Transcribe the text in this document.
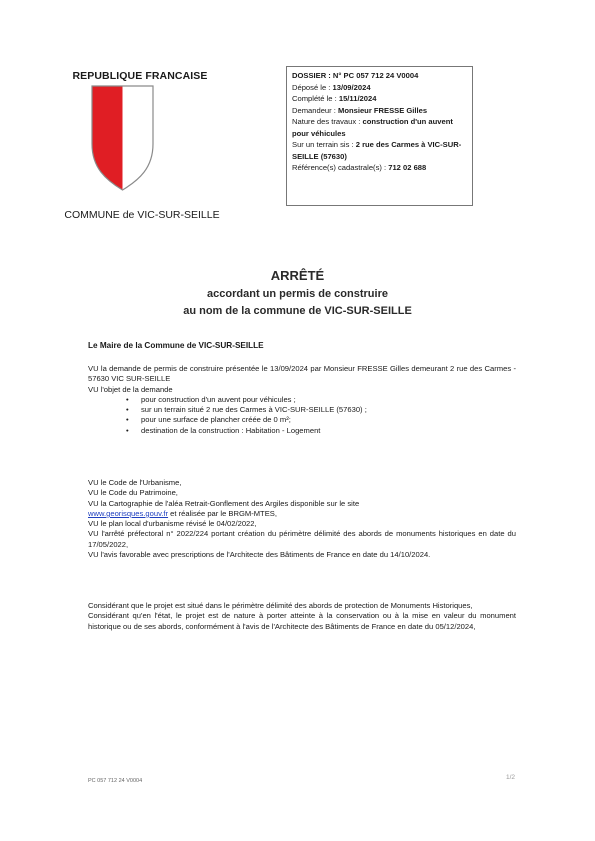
REPUBLIQUE FRANCAISE
COMMUNE de VIC-SUR-SEILLE
DOSSIER : N° PC 057 712 24 V0004
Déposé le : 13/09/2024
Complété le : 15/11/2024
Demandeur : Monsieur FRESSE Gilles
Nature des travaux : construction d'un auvent pour véhicules
Sur un terrain sis : 2 rue des Carmes à VIC-SUR-SEILLE (57630)
Référence(s) cadastrale(s) : 712 02 688
ARRÊTÉ
accordant un permis de construire
au nom de la commune de VIC-SUR-SEILLE
Le Maire de la Commune de VIC-SUR-SEILLE

VU la demande de permis de construire présentée le 13/09/2024 par Monsieur FRESSE Gilles demeurant 2 rue des Carmes - 57630 VIC SUR-SEILLE

VU l'objet de la demande

• pour construction d'un auvent pour véhicules ;
• sur un terrain situé 2 rue des Carmes à VIC-SUR-SEILLE (57630) ;
• pour une surface de plancher créée de 0 m²;
• destination de la construction : Habitation - Logement

VU le Code de l'Urbanisme,

VU le Code du Patrimoine,

VU la Cartographie de l'aléa Retrait-Gonflement des Argiles disponible sur le site

www.georisques.gouv.fr et réalisée par le BRGM-MTES,

VU le plan local d'urbanisme révisé le 04/02/2022,

VU l'arrêté préfectoral n° 2022/224 portant création du périmètre délimité des abords de monuments historiques en date du 17/05/2022,

VU l'avis favorable avec prescriptions de l'Architecte des Bâtiments de France en date du 14/10/2024.

Considérant que le projet est situé dans le périmètre délimité des abords de protection de Monuments Historiques,

Considérant qu'en l'état, le projet est de nature à porter atteinte à la conservation ou à la mise en valeur du monument historique ou de ses abords, conformément à l'avis de l'Architecte des Bâtiments de France en date du 05/12/2024,

PC 057 712 24 V0004	1/2
